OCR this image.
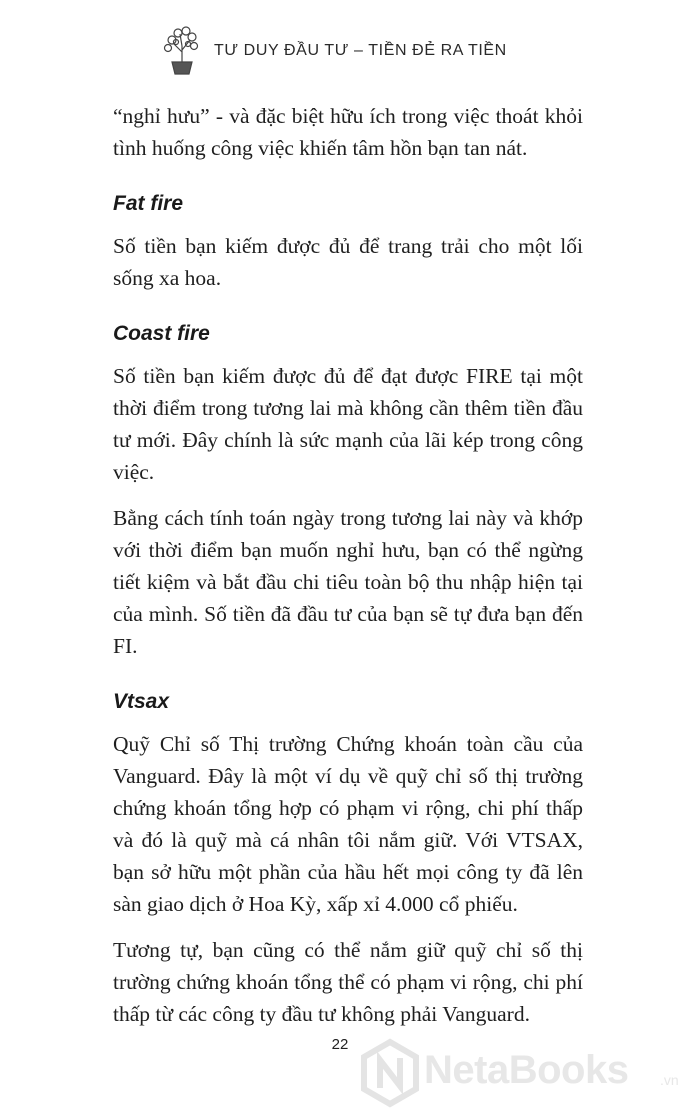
TƯ DUY ĐẦU TƯ – TIỀN ĐẺ RA TIỀN

“nghỉ hưu” - và đặc biệt hữu ích trong việc thoát khỏi tình huống công việc khiến tâm hồn bạn tan nát.

Fat fire

Số tiền bạn kiếm được đủ để trang trải cho một lối sống xa hoa.

Coast fire

Số tiền bạn kiếm được đủ để đạt được FIRE tại một thời điểm trong tương lai mà không cần thêm tiền đầu tư mới. Đây chính là sức mạnh của lãi kép trong công việc.

Bằng cách tính toán ngày trong tương lai này và khớp với thời điểm bạn muốn nghỉ hưu, bạn có thể ngừng tiết kiệm và bắt đầu chi tiêu toàn bộ thu nhập hiện tại của mình. Số tiền đã đầu tư của bạn sẽ tự đưa bạn đến FI.

Vtsax

Quỹ Chỉ số Thị trường Chứng khoán toàn cầu của Vanguard. Đây là một ví dụ về quỹ chỉ số thị trường chứng khoán tổng hợp có phạm vi rộng, chi phí thấp và đó là quỹ mà cá nhân tôi nắm giữ. Với VTSAX, bạn sở hữu một phần của hầu hết mọi công ty đã lên sàn giao dịch ở Hoa Kỳ, xấp xỉ 4.000 cổ phiếu.

Tương tự, bạn cũng có thể nắm giữ quỹ chỉ số thị trường chứng khoán tổng thể có phạm vi rộng, chi phí thấp từ các công ty đầu tư không phải Vanguard.

22
NetaBooks .vn
